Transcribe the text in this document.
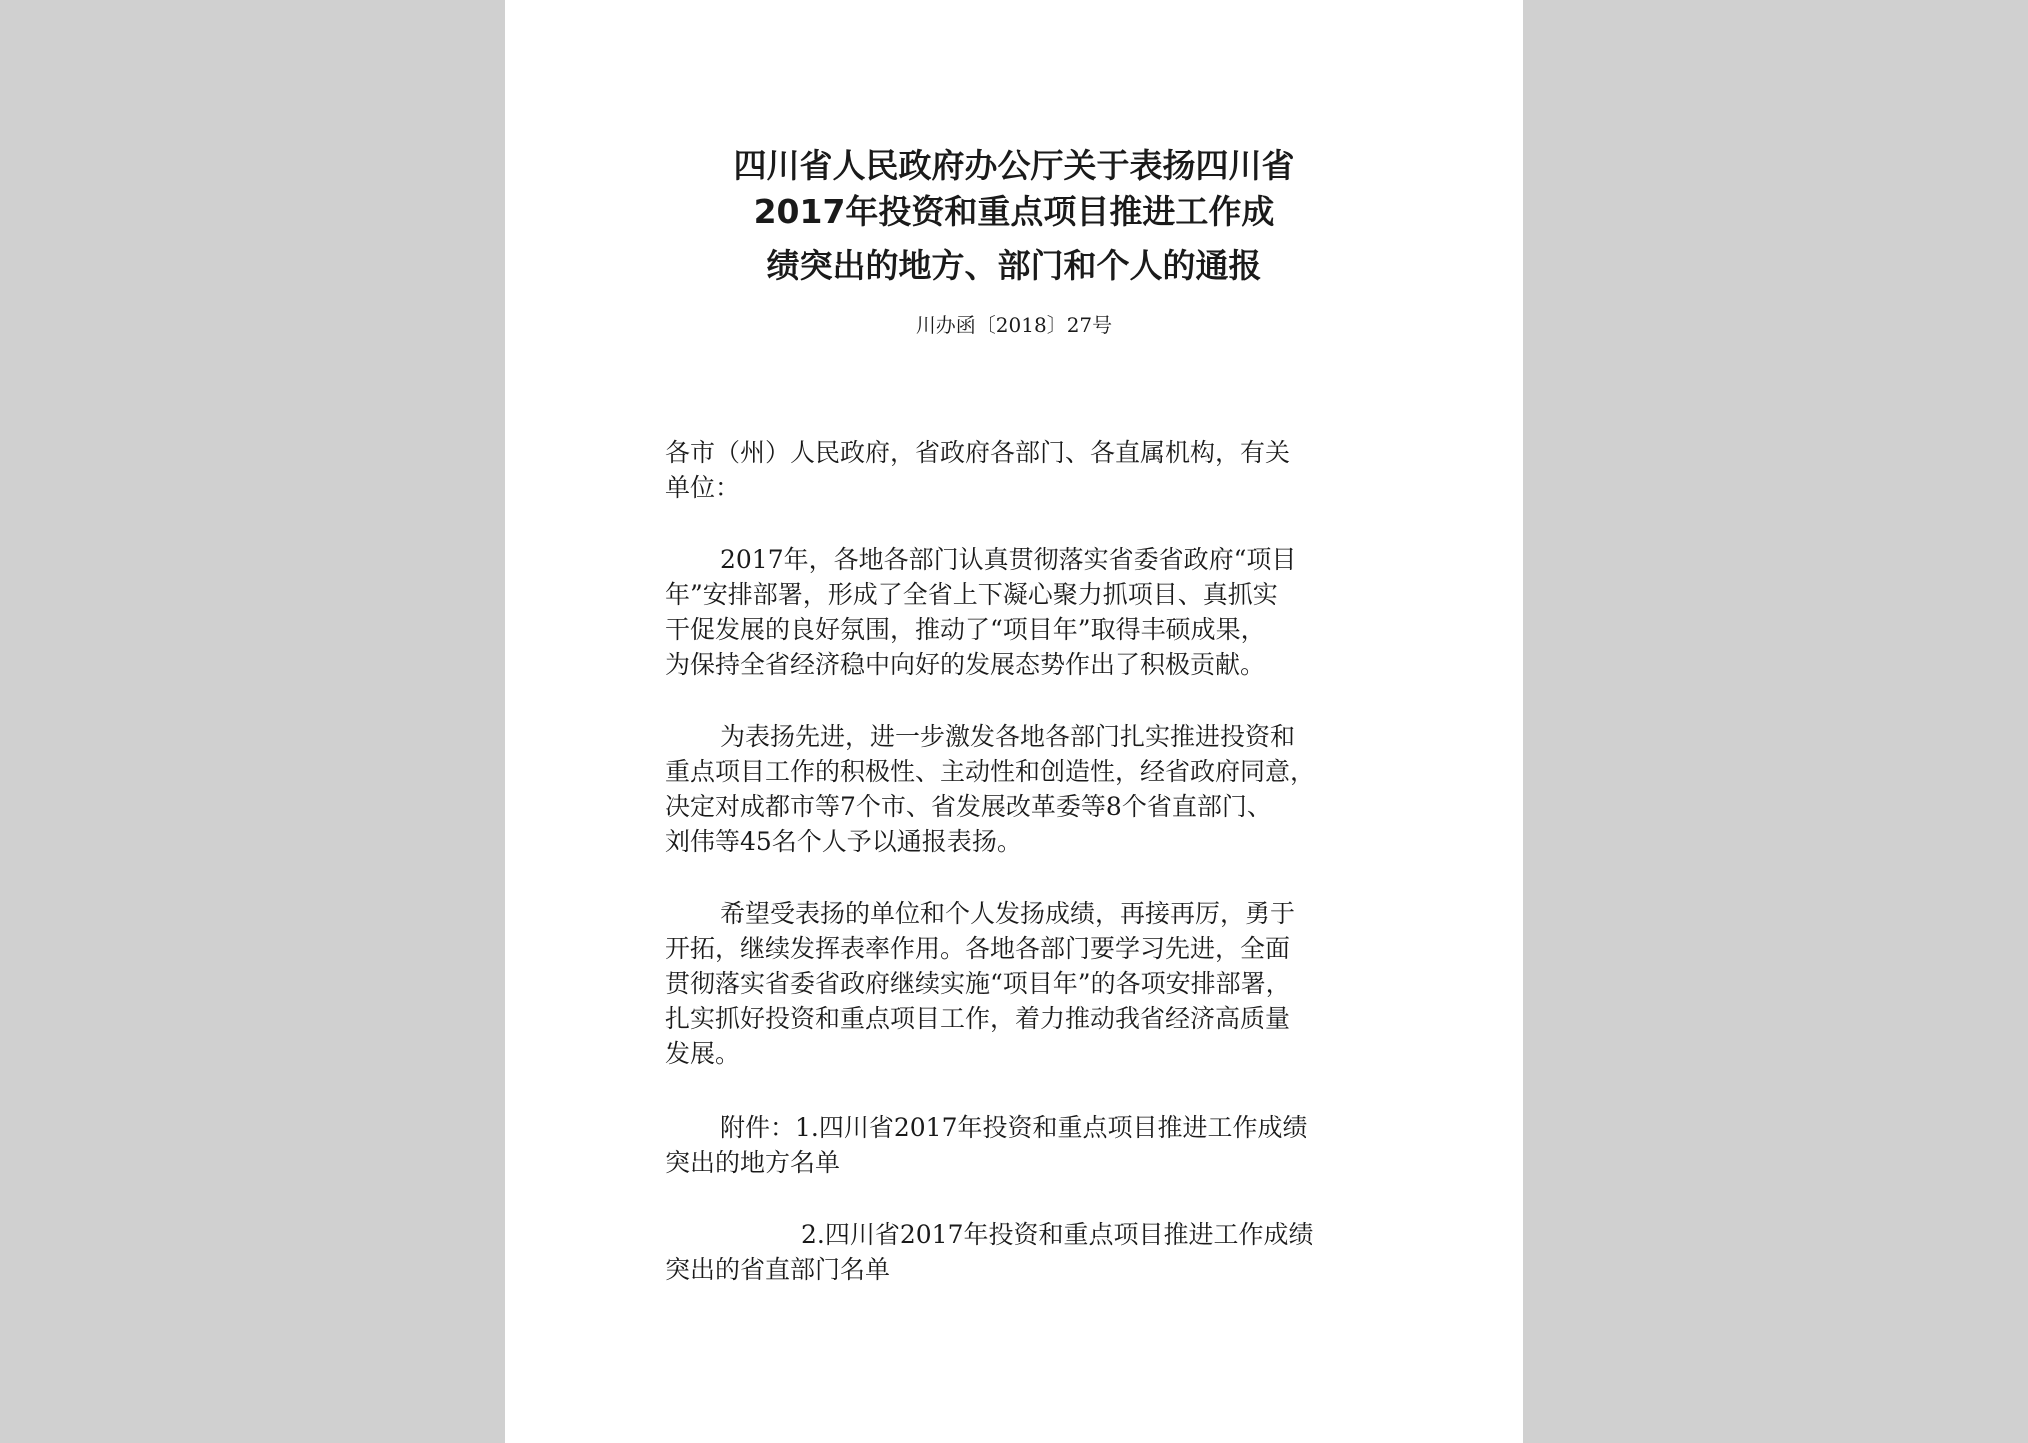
四川省人民政府办公厅关于表扬四川省
2017年投资和重点项目推进工作成
绩突出的地方、部门和个人的通报
川办函〔2018〕27号
各市（州）人民政府，省政府各部门、各直属机构，有关
单位：
2017年，各地各部门认真贯彻落实省委省政府“项目
年”安排部署，形成了全省上下凝心聚力抓项目、真抓实
干促发展的良好氛围，推动了“项目年”取得丰硕成果，
为保持全省经济稳中向好的发展态势作出了积极贡献。
为表扬先进，进一步激发各地各部门扎实推进投资和
重点项目工作的积极性、主动性和创造性，经省政府同意，
决定对成都市等7个市、省发展改革委等8个省直部门、
刘伟等45名个人予以通报表扬。
希望受表扬的单位和个人发扬成绩，再接再厉，勇于
开拓，继续发挥表率作用。各地各部门要学习先进，全面
贯彻落实省委省政府继续实施“项目年”的各项安排部署，
扎实抓好投资和重点项目工作，着力推动我省经济高质量
发展。
附件：1.四川省2017年投资和重点项目推进工作成绩
突出的地方名单
2.四川省2017年投资和重点项目推进工作成绩
突出的省直部门名单
